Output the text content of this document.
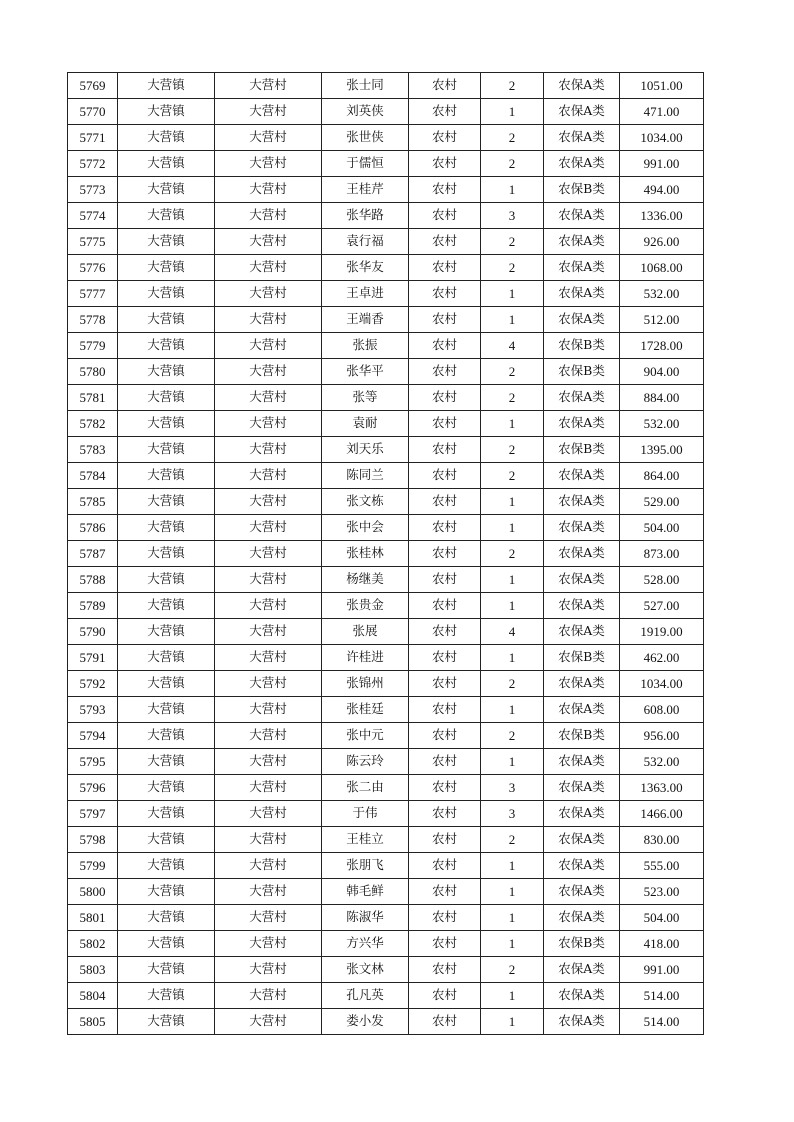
5769	大营镇	大营村	张士同	农村	2	农保A类	1051.00
5770	大营镇	大营村	刘英侠	农村	1	农保A类	471.00
5771	大营镇	大营村	张世侠	农村	2	农保A类	1034.00
5772	大营镇	大营村	于儒恒	农村	2	农保A类	991.00
5773	大营镇	大营村	王桂芹	农村	1	农保B类	494.00
5774	大营镇	大营村	张华路	农村	3	农保A类	1336.00
5775	大营镇	大营村	袁行福	农村	2	农保A类	926.00
5776	大营镇	大营村	张华友	农村	2	农保A类	1068.00
5777	大营镇	大营村	王卓进	农村	1	农保A类	532.00
5778	大营镇	大营村	王端香	农村	1	农保A类	512.00
5779	大营镇	大营村	张振	农村	4	农保B类	1728.00
5780	大营镇	大营村	张华平	农村	2	农保B类	904.00
5781	大营镇	大营村	张等	农村	2	农保A类	884.00
5782	大营镇	大营村	袁耐	农村	1	农保A类	532.00
5783	大营镇	大营村	刘天乐	农村	2	农保B类	1395.00
5784	大营镇	大营村	陈同兰	农村	2	农保A类	864.00
5785	大营镇	大营村	张文栋	农村	1	农保A类	529.00
5786	大营镇	大营村	张中会	农村	1	农保A类	504.00
5787	大营镇	大营村	张桂林	农村	2	农保A类	873.00
5788	大营镇	大营村	杨继美	农村	1	农保A类	528.00
5789	大营镇	大营村	张贵金	农村	1	农保A类	527.00
5790	大营镇	大营村	张展	农村	4	农保A类	1919.00
5791	大营镇	大营村	许桂进	农村	1	农保B类	462.00
5792	大营镇	大营村	张锦州	农村	2	农保A类	1034.00
5793	大营镇	大营村	张桂廷	农村	1	农保A类	608.00
5794	大营镇	大营村	张中元	农村	2	农保B类	956.00
5795	大营镇	大营村	陈云玲	农村	1	农保A类	532.00
5796	大营镇	大营村	张二由	农村	3	农保A类	1363.00
5797	大营镇	大营村	于伟	农村	3	农保A类	1466.00
5798	大营镇	大营村	王桂立	农村	2	农保A类	830.00
5799	大营镇	大营村	张朋飞	农村	1	农保A类	555.00
5800	大营镇	大营村	韩毛鲜	农村	1	农保A类	523.00
5801	大营镇	大营村	陈淑华	农村	1	农保A类	504.00
5802	大营镇	大营村	方兴华	农村	1	农保B类	418.00
5803	大营镇	大营村	张文林	农村	2	农保A类	991.00
5804	大营镇	大营村	孔凡英	农村	1	农保A类	514.00
5805	大营镇	大营村	娄小发	农村	1	农保A类	514.00
